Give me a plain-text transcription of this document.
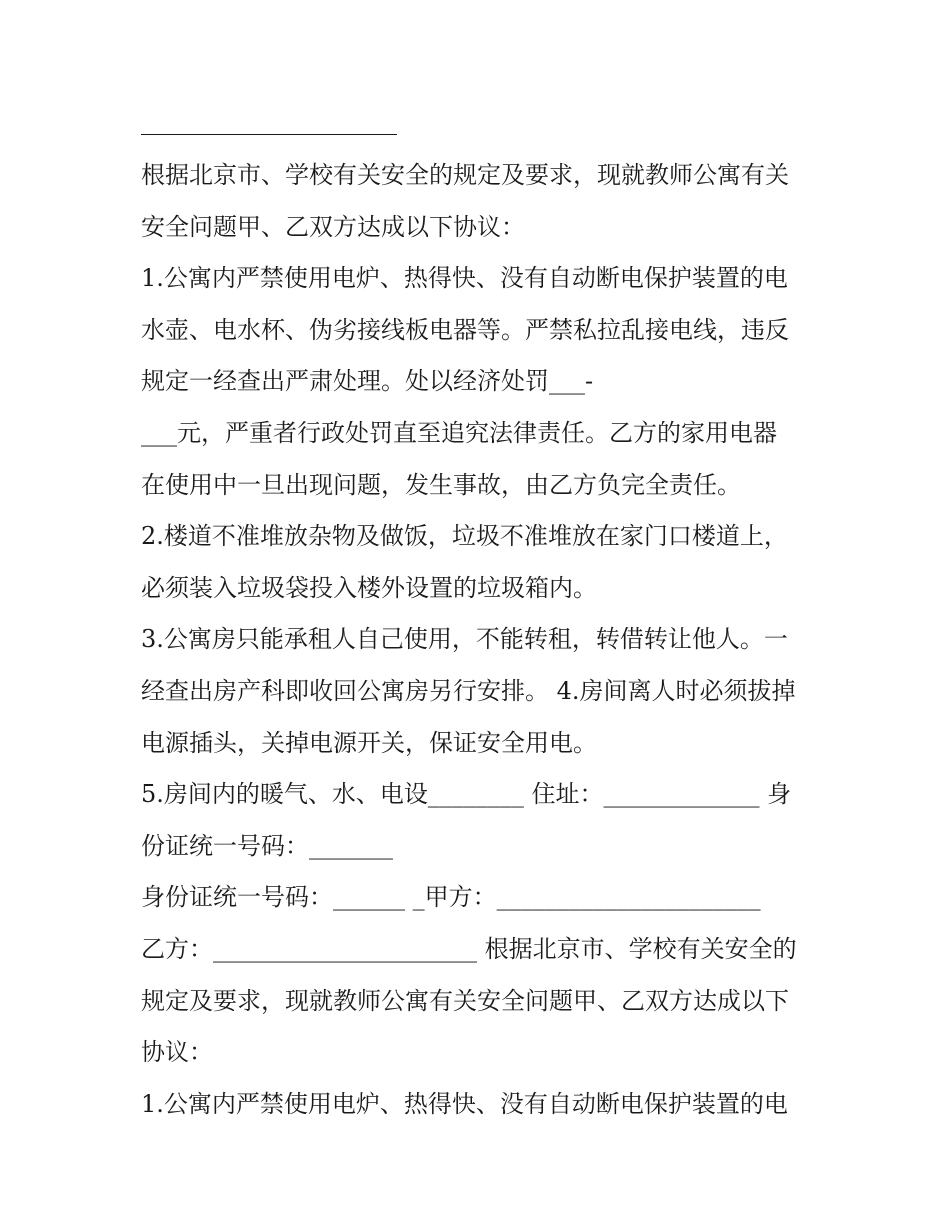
根据北京市、学校有关安全的规定及要求，现就教师公寓有关
安全问题甲、乙双方达成以下协议：
1.公寓内严禁使用电炉、热得快、没有自动断电保护装置的电
水壶、电水杯、伪劣接线板电器等。严禁私拉乱接电线，违反
规定一经查出严肃处理。处以经济处罚___-
___元，严重者行政处罚直至追究法律责任。乙方的家用电器
在使用中一旦出现问题，发生事故，由乙方负完全责任。
2.楼道不准堆放杂物及做饭，垃圾不准堆放在家门口楼道上，
必须装入垃圾袋投入楼外设置的垃圾箱内。
3.公寓房只能承租人自己使用，不能转租，转借转让他人。一
经查出房产科即收回公寓房另行安排。 4.房间离人时必须拔掉
电源插头，关掉电源开关，保证安全用电。
5.房间内的暖气、水、电设________ 住址：_____________ 身
份证统一号码：_______
身份证统一号码：______ _甲方：______________________
乙方：______________________ 根据北京市、学校有关安全的
规定及要求，现就教师公寓有关安全问题甲、乙双方达成以下
协议：
1.公寓内严禁使用电炉、热得快、没有自动断电保护装置的电
